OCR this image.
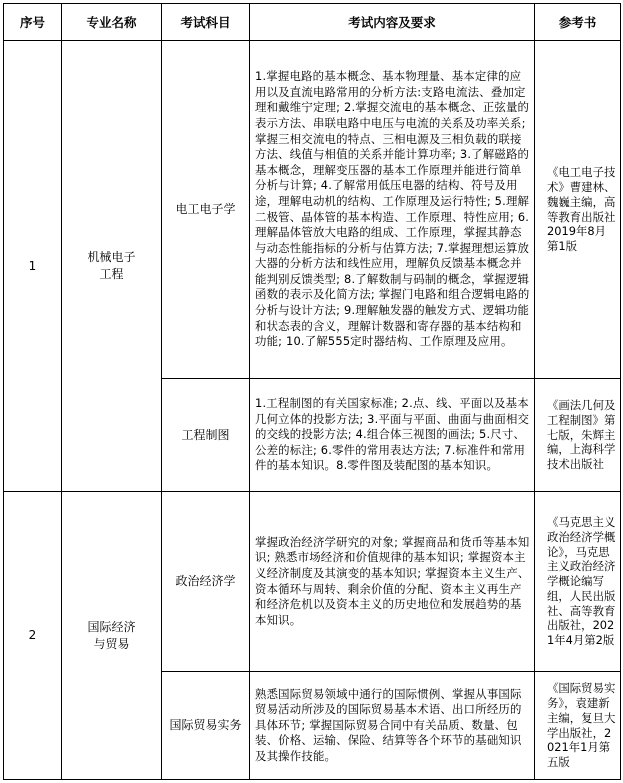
序号	专业名称	考试科目	考试内容及要求	参考书
1	机械电子工程	电工电子学	1.掌握电路的基本概念、基本物理量、基本定律的应用以及直流电路常用的分析方法:支路电流法、叠加定理和戴维宁定理; 2.掌握交流电的基本概念、正弦量的表示方法、串联电路中电压与电流的关系及功率关系; 掌握三相交流电的特点、三相电源及三相负载的联接方法、线值与相值的关系并能计算功率; 3.了解磁路的基本概念，理解变压器的基本工作原理并能进行简单分析与计算; 4.了解常用低压电器的结构、符号及用途，理解电动机的结构、工作原理及运行特性; 5.理解二极管、晶体管的基本构造、工作原理、特性应用; 6.理解晶体管放大电路的组成、工作原理，掌握其静态与动态性能指标的分析与估算方法; 7.掌握理想运算放大器的分析方法和线性应用，理解负反馈基本概念并能判别反馈类型; 8.了解数制与码制的概念，掌握逻辑函数的表示及化简方法; 掌握门电路和组合逻辑电路的分析与设计方法; 9.理解触发器的触发方式、逻辑功能和状态表的含义，理解计数器和寄存器的基本结构和功能; 10.了解555定时器结构、工作原理及应用。	《电工电子技术》曹建林、魏巍主编，高等教育出版社2019年8月第1版
		工程制图	1.工程制图的有关国家标准; 2.点、线、平面以及基本几何立体的投影方法; 3.平面与平面、曲面与曲面相交的交线的投影方法; 4.组合体三视图的画法; 5.尺寸、公差的标注; 6.零件的常用表达方法; 7.标准件和常用件的基本知识。8.零件图及装配图的基本知识。	《画法几何及工程制图》第七版，朱辉主编，上海科学技术出版社
2	国际经济与贸易	政治经济学	掌握政治经济学研究的对象; 掌握商品和货币等基本知识; 熟悉市场经济和价值规律的基本知识; 掌握资本主义经济制度及其演变的基本知识; 掌握资本主义生产、资本循环与周转、剩余价值的分配、资本主义再生产和经济危机以及资本主义的历史地位和发展趋势的基本知识。	《马克思主义政治经济学概论》，马克思主义政治经济学概论编写组，人民出版社、高等教育出版社，2021年4月第2版
		国际贸易实务	熟悉国际贸易领域中通行的国际惯例、掌握从事国际贸易活动所涉及的国际贸易基本术语、出口所经历的具体环节; 掌握国际贸易合同中有关品质、数量、包装、价格、运输、保险、结算等各个环节的基础知识及其操作技能。	《国际贸易实务》，袁建新主编，复旦大学出版社，2021年1月第五版
